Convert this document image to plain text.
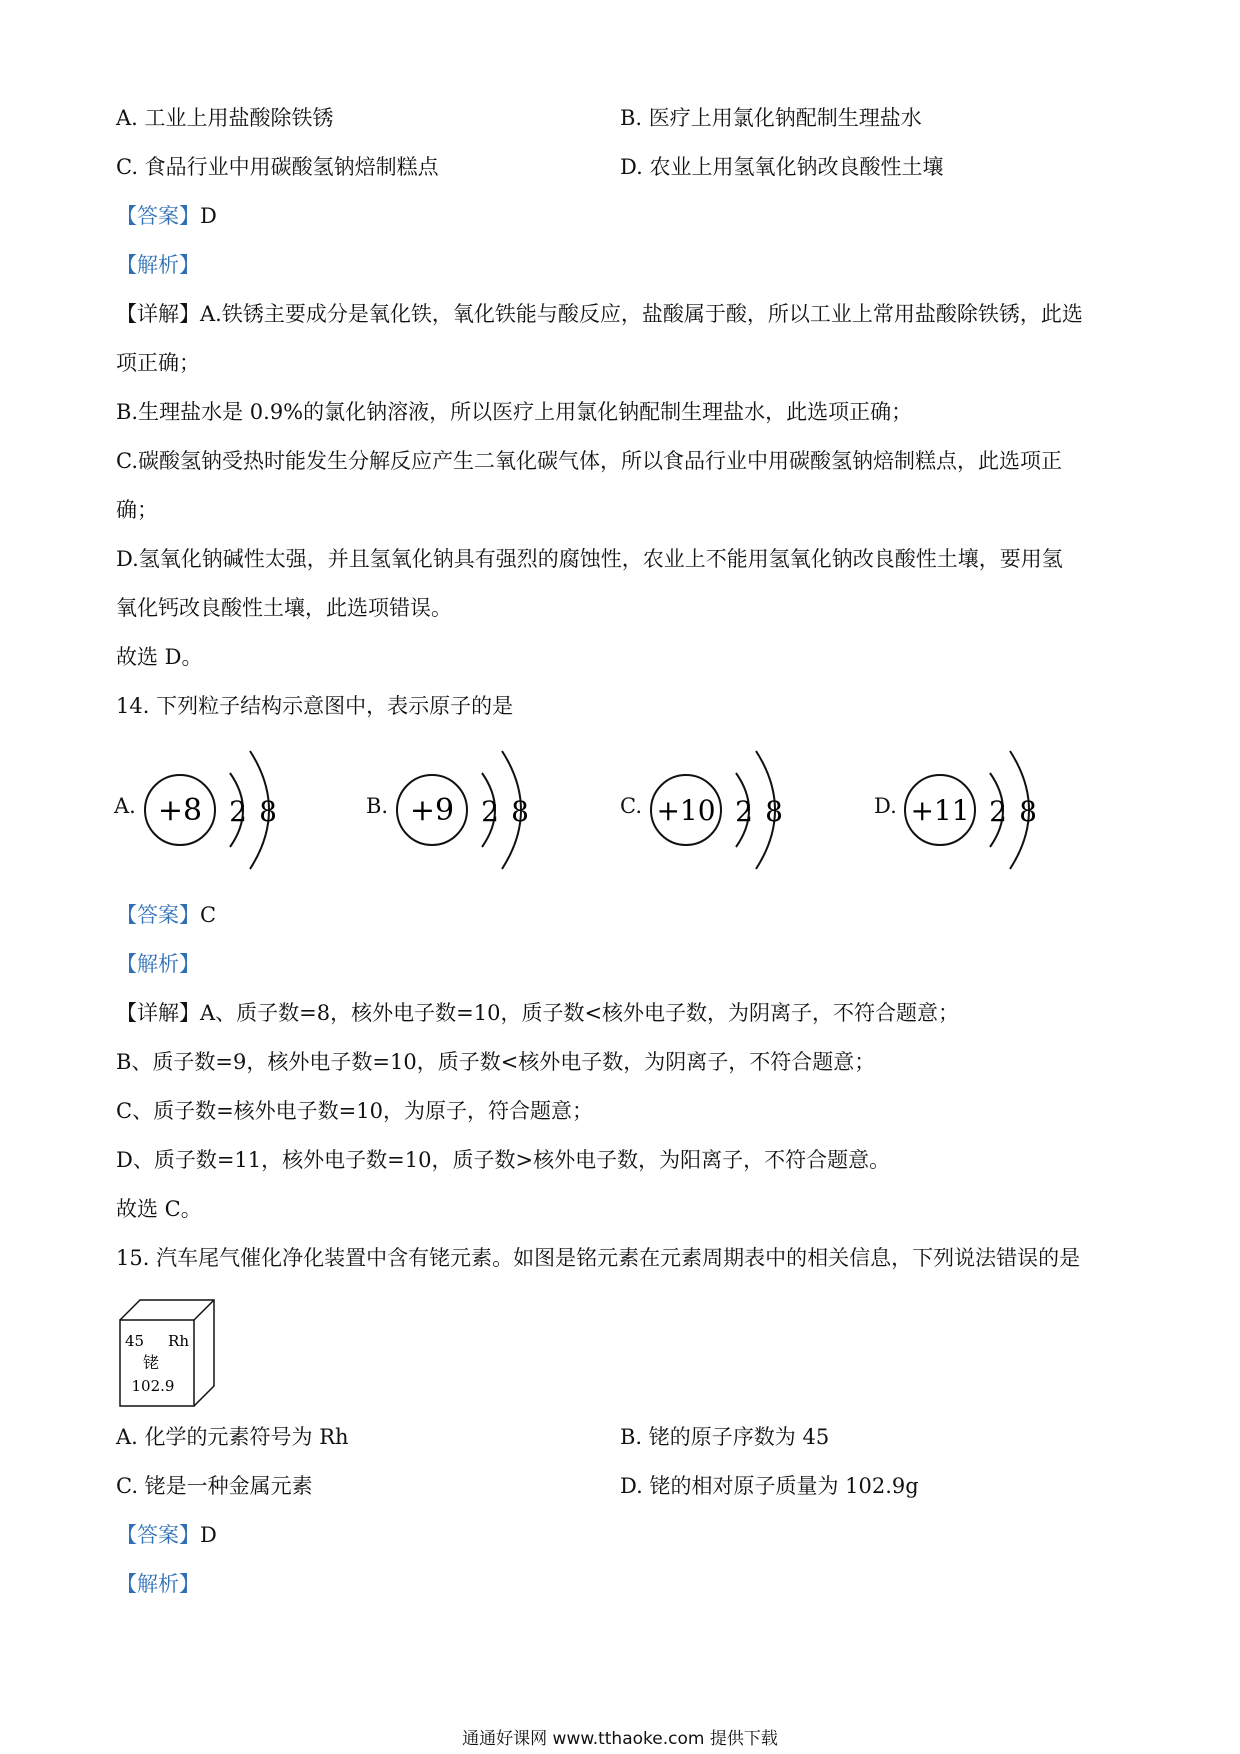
A. 工业上用盐酸除铁锈	B. 医疗上用氯化钠配制生理盐水
C. 食品行业中用碳酸氢钠焙制糕点	D. 农业上用氢氧化钠改良酸性土壤
【答案】D
【解析】
【详解】A.铁锈主要成分是氧化铁，氧化铁能与酸反应，盐酸属于酸，所以工业上常用盐酸除铁锈，此选
项正确；
B.生理盐水是 0.9%的氯化钠溶液，所以医疗上用氯化钠配制生理盐水，此选项正确；
C.碳酸氢钠受热时能发生分解反应产生二氧化碳气体，所以食品行业中用碳酸氢钠焙制糕点，此选项正
确；
D.氢氧化钠碱性太强，并且氢氧化钠具有强烈的腐蚀性，农业上不能用氢氧化钠改良酸性土壤，要用氢
氧化钙改良酸性土壤，此选项错误。
故选 D。
14. 下列粒子结构示意图中，表示原子的是
A. +8 2 8	B. +9 2 8	C. +10 2 8	D. +11 2 8
【答案】C
【解析】
【详解】A、质子数=8，核外电子数=10，质子数<核外电子数，为阴离子，不符合题意；
B、质子数=9，核外电子数=10，质子数<核外电子数，为阴离子，不符合题意；
C、质子数=核外电子数=10，为原子，符合题意；
D、质子数=11，核外电子数=10，质子数>核外电子数，为阳离子，不符合题意。
故选 C。
15. 汽车尾气催化净化装置中含有铑元素。如图是铭元素在元素周期表中的相关信息，下列说法错误的是
45 Rh
铑
102.9
A. 化学的元素符号为 Rh	B. 铑的原子序数为 45
C. 铑是一种金属元素	D. 铑的相对原子质量为 102.9g
【答案】D
【解析】
通通好课网 www.tthaoke.com 提供下载
